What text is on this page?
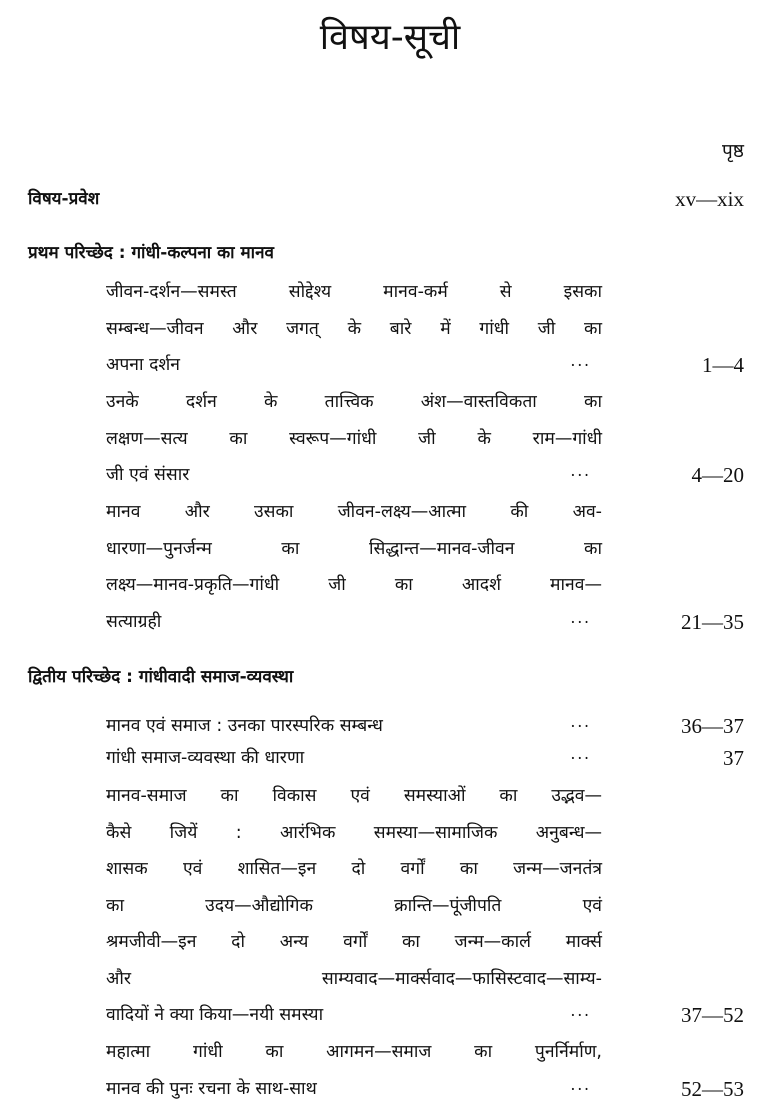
विषय-सूची
पृष्ठ
विषय-प्रवेश	xv—xix
प्रथम परिच्छेद : गांधी-कल्पना का मानव
जीवन-दर्शन—समस्त सोद्देश्य मानव-कर्म से इसका
सम्बन्ध—जीवन और जगत् के बारे में गांधी जी का
अपना दर्शन	···	1—4
उनके दर्शन के तात्त्विक अंश—वास्तविकता का
लक्षण—सत्य का स्वरूप—गांधी जी के राम—गांधी
जी एवं संसार	···	4—20
मानव और उसका जीवन-लक्ष्य—आत्मा की अव-
धारणा—पुनर्जन्म का सिद्धान्त—मानव-जीवन का
लक्ष्य—मानव-प्रकृति—गांधी जी का आदर्श मानव—
सत्याग्रही	···	21—35
द्वितीय परिच्छेद : गांधीवादी समाज-व्यवस्था
मानव एवं समाज : उनका पारस्परिक सम्बन्ध	···	36—37
गांधी समाज-व्यवस्था की धारणा	···	37
मानव-समाज का विकास एवं समस्याओं का उद्भव—
कैसे जियें : आरंभिक समस्या—सामाजिक अनुबन्ध—
शासक एवं शासित—इन दो वर्गों का जन्म—जनतंत्र
का उदय—औद्योगिक क्रान्ति—पूंजीपति एवं
श्रमजीवी—इन दो अन्य वर्गों का जन्म—कार्ल मार्क्स
और साम्यवाद—मार्क्सवाद—फासिस्टवाद—साम्य-
वादियों ने क्या किया—नयी समस्या	···	37—52
महात्मा गांधी का आगमन—समाज का पुनर्निर्माण,
मानव की पुनः रचना के साथ-साथ	···	52—53
